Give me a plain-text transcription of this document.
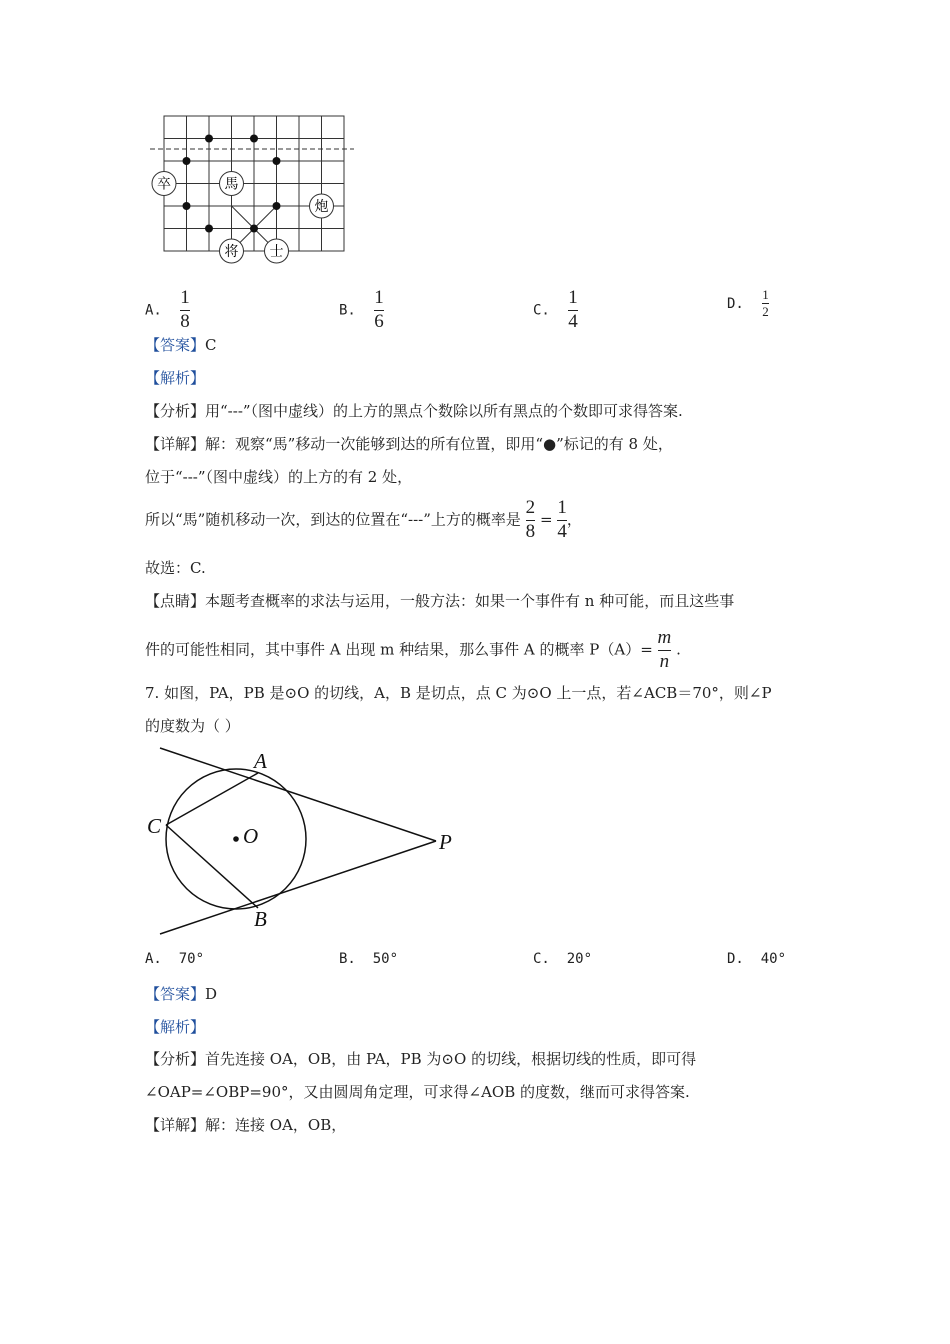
卒	馬
炮
将 士
A. $\frac{1}{8}$	B. $\frac{1}{6}$	C. $\frac{1}{4}$	D. $\frac{1}{2}$
【答案】C
【解析】
【分析】用“---”（图中虚线）的上方的黑点个数除以所有黑点的个数即可求得答案.
【详解】解：观察“馬”移动一次能够到达的所有位置，即用“●”标记的有 8 处，
位于“---”（图中虚线）的上方的有 2 处，
所以“馬”随机移动一次，到达的位置在“---”上方的概率是 $\frac{2}{8} = \frac{1}{4}$ ，
故选：C.
【点睛】本题考查概率的求法与运用，一般方法：如果一个事件有 n 种可能，而且这些事
件的可能性相同，其中事件 A 出现 m 种结果，那么事件 A 的概率 $P(A)= \frac{m}{n}$ .
7. 如图，PA，PB 是⊙O 的切线，A，B 是切点，点 C 为⊙O 上一点，若∠ACB＝70°，则∠P
的度数为（ ）
A
C	O	P
B
A. 70°	B. 50°	C. 20°	D. 40°
【答案】D
【解析】
【分析】首先连接 OA，OB，由 PA，PB 为⊙O 的切线，根据切线的性质，即可得
∠OAP=∠OBP=90°，又由圆周角定理，可求得∠AOB 的度数，继而可求得答案.
【详解】解：连接 OA，OB，
